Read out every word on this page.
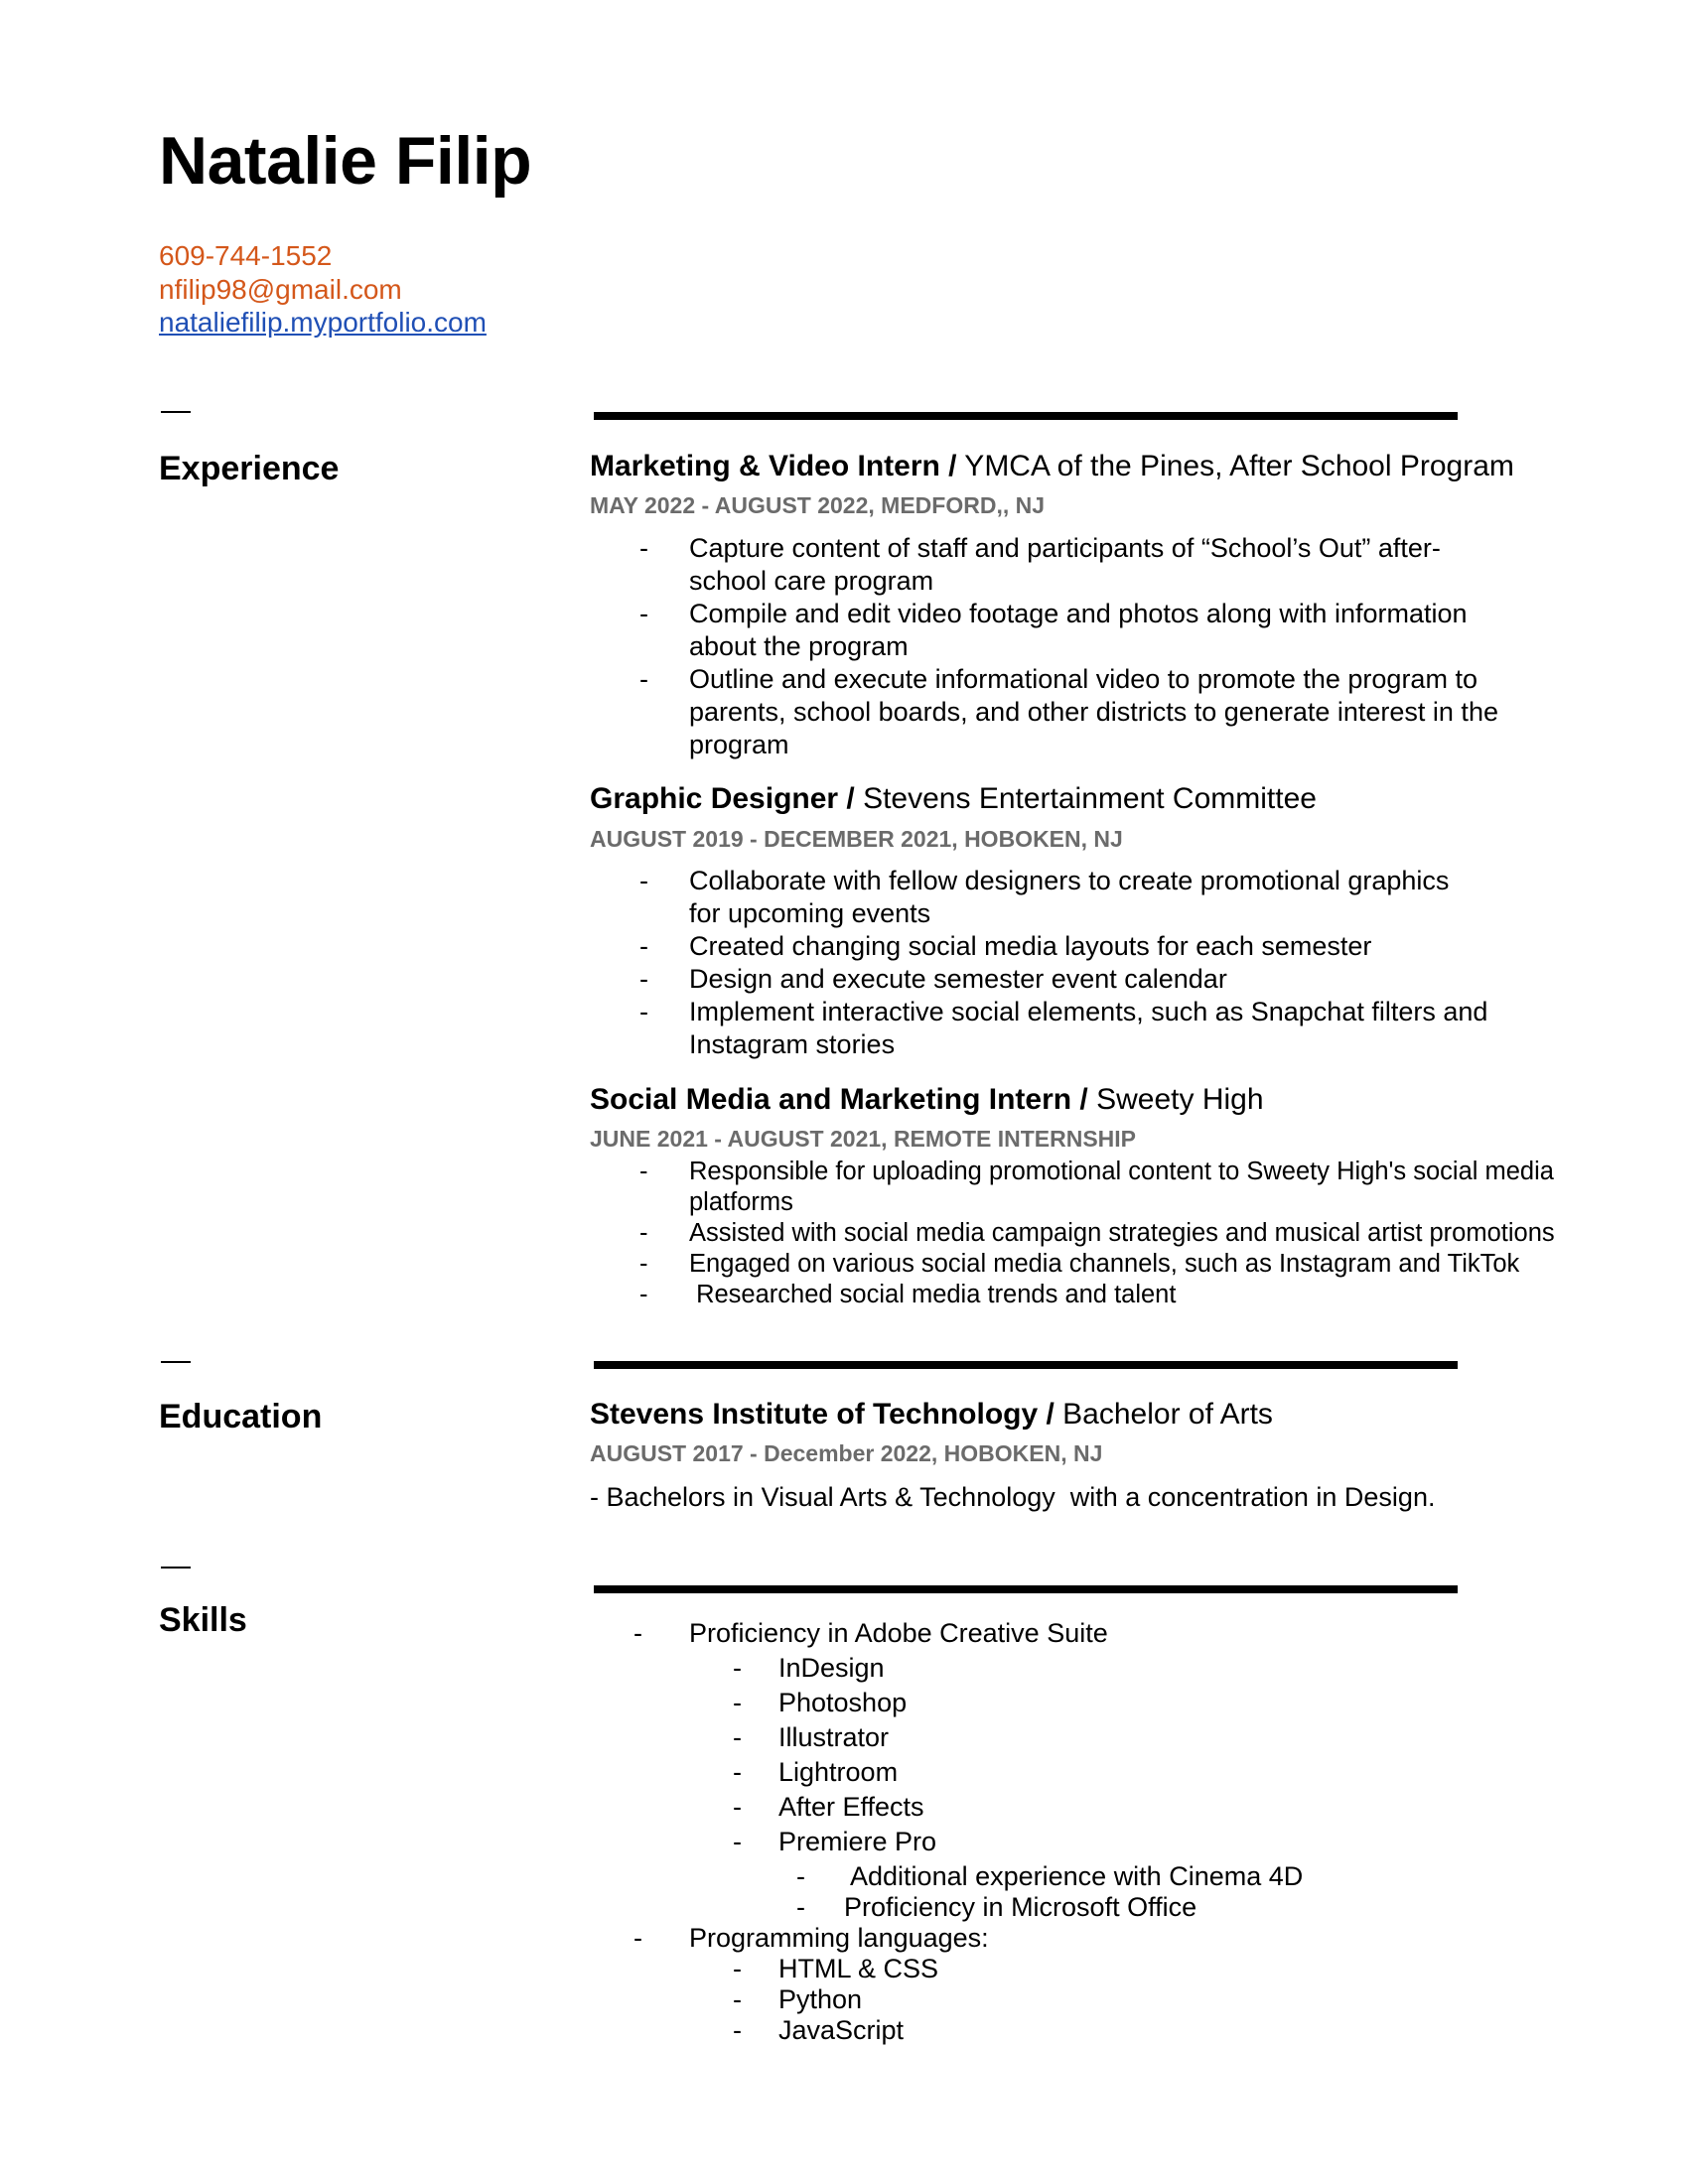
Natalie Filip
609-744-1552
nfilip98@gmail.com
nataliefilip.myportfolio.com
Experience	Marketing & Video Intern / YMCA of the Pines, After School Program
MAY 2022 - AUGUST 2022, MEDFORD,, NJ
- Capture content of staff and participants of “School’s Out” after-school care program
- Compile and edit video footage and photos along with information about the program
- Outline and execute informational video to promote the program to parents, school boards, and other districts to generate interest in the program
Graphic Designer / Stevens Entertainment Committee
AUGUST 2019 - DECEMBER 2021, HOBOKEN, NJ
- Collaborate with fellow designers to create promotional graphics for upcoming events
- Created changing social media layouts for each semester
- Design and execute semester event calendar
- Implement interactive social elements, such as Snapchat filters and Instagram stories
Social Media and Marketing Intern / Sweety High
JUNE 2021 - AUGUST 2021, REMOTE INTERNSHIP
- Responsible for uploading promotional content to Sweety High's social media platforms
- Assisted with social media campaign strategies and musical artist promotions
- Engaged on various social media channels, such as Instagram and TikTok
- Researched social media trends and talent
Education	Stevens Institute of Technology / Bachelor of Arts
AUGUST 2017 - December 2022, HOBOKEN, NJ
- Bachelors in Visual Arts & Technology  with a concentration in Design.
Skills	- Proficiency in Adobe Creative Suite
- InDesign
- Photoshop
- Illustrator
- Lightroom
- After Effects
- Premiere Pro
- Additional experience with Cinema 4D
- Proficiency in Microsoft Office
- Programming languages:
- HTML & CSS
- Python
- JavaScript
